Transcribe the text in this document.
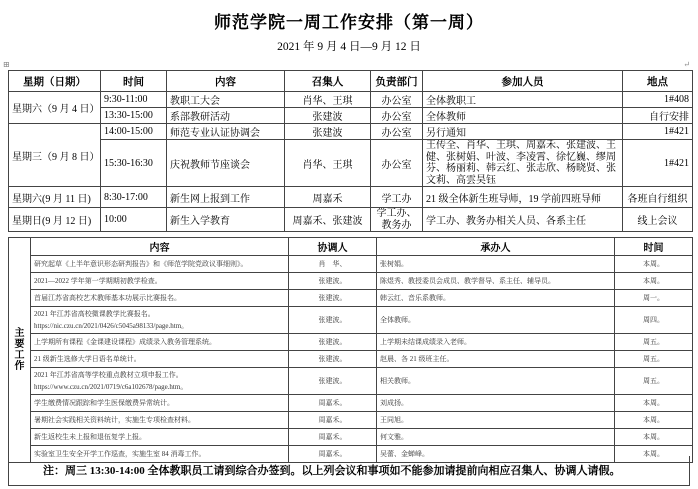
师范学院一周工作安排（第一周）
2021 年 9 月 4 日—9 月 12 日
⊞	↵
星期（日期）	时间	内容	召集人	负责部门	参加人员	地点
星期六（9 月 4 日）	9:30-11:00	教职工大会	肖华、王琪	办公室	全体教职工	1#408
	13:30-15:00	系部教研活动	张建波	办公室	全体教师	自行安排
星期三（9 月 8 日）	14:00-15:00	师范专业认证协调会	张建波	办公室	另行通知	1#421
	15:30-16:30	庆祝教师节座谈会	肖华、王琪	办公室	王传全、肖华、王琪、周嘉禾、张建波、王健、张树娟、叶波、李凌霄、徐忆巍、缪周芬、杨丽莉、韩云红、张志欣、杨晓贤、张文莉、高雲昊钰	1#421
星期六(9 月 11 日)	8:30-17:00	新生网上报到工作	周嘉禾	学工办	21 级全体新生班导师，19 学前四班导师	各班自行组织
星期日(9 月 12 日)	10:00	新生入学教育	周嘉禾、张建波	学工办、教务办	学工办、教务办相关人员、各系主任	线上会议
主要工作	内容	协调人	承办人	时间
	研究起草《上半年意识形态研判报告》和《师范学院党政议事细则》。	肖　华、	张树娟。	本周。
	2021—2022 学年第一学期期初教学检查。	张建波。	陈煜秀、教授委员会成员、教学督导、系主任、辅导员。	本周。
	首届江苏省高校艺术教师基本功展示比赛报名。	张建波。	韩云红、音乐系教师。	周一。

	2021 年江苏省高校微课教学比赛报名。
https://nic.czu.cn/2021/0426/c5045a98133/page.htm。	张建波。	全体教师。	周四。
	上学期所有课程《金课建设课程》成绩录入教务管理系统。	张建波。	上学期未结课成绩录入老师。	周五。
	21 级新生选修大学日语名单统计。	张建波。	赵晨、各 21 级班主任。	周五。

	2021 年江苏省高等学校重点教材立项申报工作。
https://www.czu.cn/2021/0719/c6a102678/page.htm。	张建波。	相关教师。	周五。
	学生缴费情况跟踪和学生医保缴费异常统计。	周嘉禾。	刘成扬。	本周。
	暑期社会实践相关资料统计，实施生专项检查材料。	周嘉禾。	王同旭。	本周。
	新生返校生未上报和退伍复学上报。	周嘉禾。	何文雅。	本周。
	实验室卫生安全开学工作巡查，实施生室 84 消毒工作。	周嘉禾。	吴蕾、金蝉峰。	本周。
注：周三 13:30-14:00 全体教职员工请到综合办签到。以上列会议和事项如不能参加请提前向相应召集人、协调人请假。
